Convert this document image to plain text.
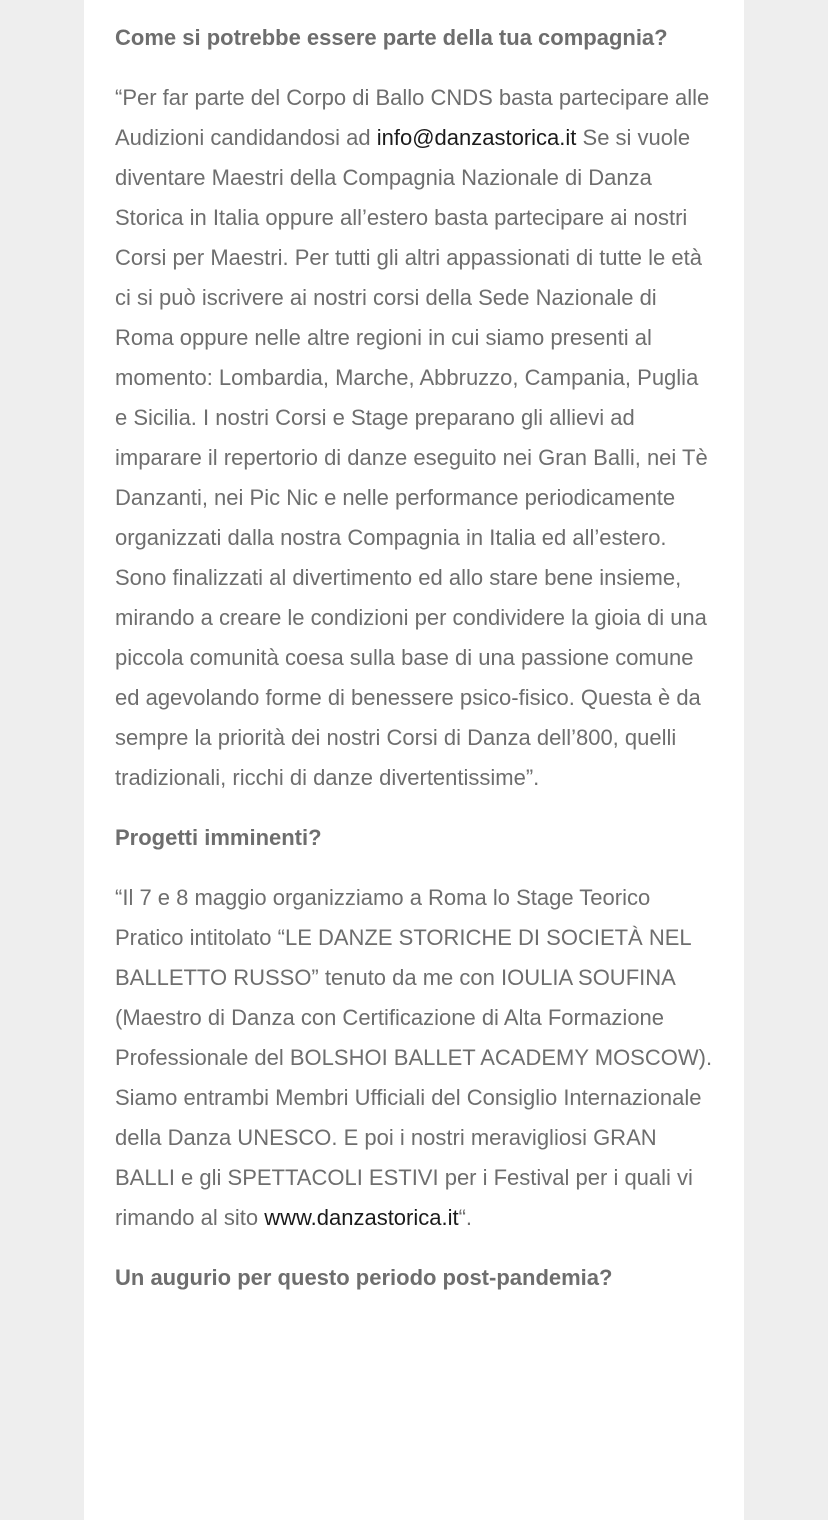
Come si potrebbe essere parte della tua compagnia?

“Per far parte del Corpo di Ballo CNDS basta partecipare alle Audizioni candidandosi ad info@danzastorica.it Se si vuole diventare Maestri della Compagnia Nazionale di Danza Storica in Italia oppure all’estero basta partecipare ai nostri Corsi per Maestri. Per tutti gli altri appassionati di tutte le età ci si può iscrivere ai nostri corsi della Sede Nazionale di Roma oppure nelle altre regioni in cui siamo presenti al momento: Lombardia, Marche, Abbruzzo, Campania, Puglia e Sicilia. I nostri Corsi e Stage preparano gli allievi ad imparare il repertorio di danze eseguito nei Gran Balli, nei Tè Danzanti, nei Pic Nic e nelle performance periodicamente organizzati dalla nostra Compagnia in Italia ed all’estero. Sono finalizzati al divertimento ed allo stare bene insieme, mirando a creare le condizioni per condividere la gioia di una piccola comunità coesa sulla base di una passione comune ed agevolando forme di benessere psico-fisico. Questa è da sempre la priorità dei nostri Corsi di Danza dell’800, quelli tradizionali, ricchi di danze divertentissime”.

Progetti imminenti?

“Il 7 e 8 maggio organizziamo a Roma lo Stage Teorico Pratico intitolato “LE DANZE STORICHE DI SOCIETÀ NEL BALLETTO RUSSO” tenuto da me con IOULIA SOUFINA (Maestro di Danza con Certificazione di Alta Formazione Professionale del BOLSHOI BALLET ACADEMY MOSCOW). Siamo entrambi Membri Ufficiali del Consiglio Internazionale della Danza UNESCO. E poi i nostri meravigliosi GRAN BALLI e gli SPETTACOLI ESTIVI per i Festival per i quali vi rimando al sito www.danzastorica.it“.

Un augurio per questo periodo post-pandemia?
